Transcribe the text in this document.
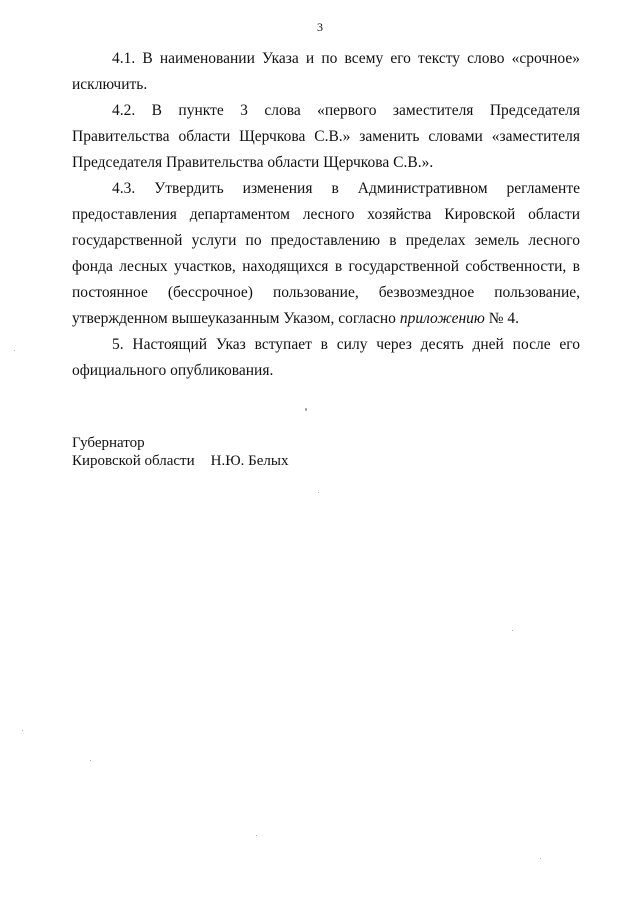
3

4.1. В наименовании Указа и по всему его тексту слово «срочное» исключить.

4.2. В пункте 3 слова «первого заместителя Председателя Правительства области Щерчкова С.В.» заменить словами «заместителя Председателя Правительства области Щерчкова С.В.».

4.3. Утвердить изменения в Административном регламенте предоставления департаментом лесного хозяйства Кировской области государственной услуги по предоставлению в пределах земель лесного фонда лесных участков, находящихся в государственной собственности, в постоянное (бессрочное) пользование, безвозмездное пользование, утвержденном вышеуказанным Указом, согласно приложению № 4.

5. Настоящий Указ вступает в силу через десять дней после его официального опубликования.

Губернатор
Кировской области Н.Ю. Белых
